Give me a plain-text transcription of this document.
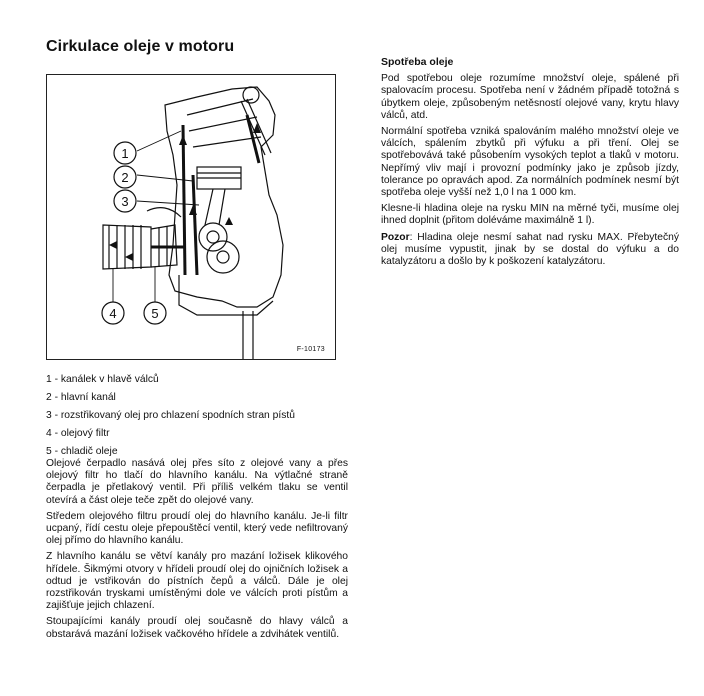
Cirkulace oleje v motoru
1
2
3
4	5
F-10173
1 - kanálek v hlavě válců
2 - hlavní kanál
3 - rozstřikovaný olej pro chlazení spodních stran pístů
4 - olejový filtr
5 - chladič oleje

Olejové čerpadlo nasává olej přes síto z olejové vany a přes olejový filtr ho tlačí do hlavního kanálu. Na výtlačné straně čerpadla je přetlakový ventil. Při příliš velkém tlaku se ventil otevírá a část oleje teče zpět do olejové vany.

Středem olejového filtru proudí olej do hlavního kanálu. Je-li filtr ucpaný, řídí cestu oleje přepouštěcí ventil, který vede nefiltrovaný olej přímo do hlavního kanálu.

Z hlavního kanálu se větví kanály pro mazání ložisek klikového hřídele. Šikmými otvory v hřídeli proudí olej do ojničních ložisek a odtud je vstřikován do pístních čepů a válců. Dále je olej rozstřikován tryskami umístěnými dole ve válcích proti pístům a zajišťuje jejich chlazení.

Stoupajícími kanály proudí olej současně do hlavy válců a obstarává mazání ložisek vačkového hřídele a zdvihátek ventilů.

Spotřeba oleje

Pod spotřebou oleje rozumíme množství oleje, spálené při spalovacím procesu. Spotřeba není v žádném případě totožná s úbytkem oleje, způsobeným netěsností olejové vany, krytu hlavy válců, atd.

Normální spotřeba vzniká spalováním malého množství oleje ve válcích, spálením zbytků při výfuku a při tření. Olej se spotřebovává také působením vysokých teplot a tlaků v motoru. Nepřímý vliv mají i provozní podmínky jako je způsob jízdy, tolerance po opravách apod. Za normálních podmínek nesmí být spotřeba oleje vyšší než 1,0 l na 1 000 km.

Klesne-li hladina oleje na rysku MIN na měrné tyči, musíme olej ihned doplnit (přitom doléváme maximálně 1 l).

Pozor: Hladina oleje nesmí sahat nad rysku MAX. Přebytečný olej musíme vypustit, jinak by se dostal do výfuku a do katalyzátoru a došlo by k poškození katalyzátoru.
